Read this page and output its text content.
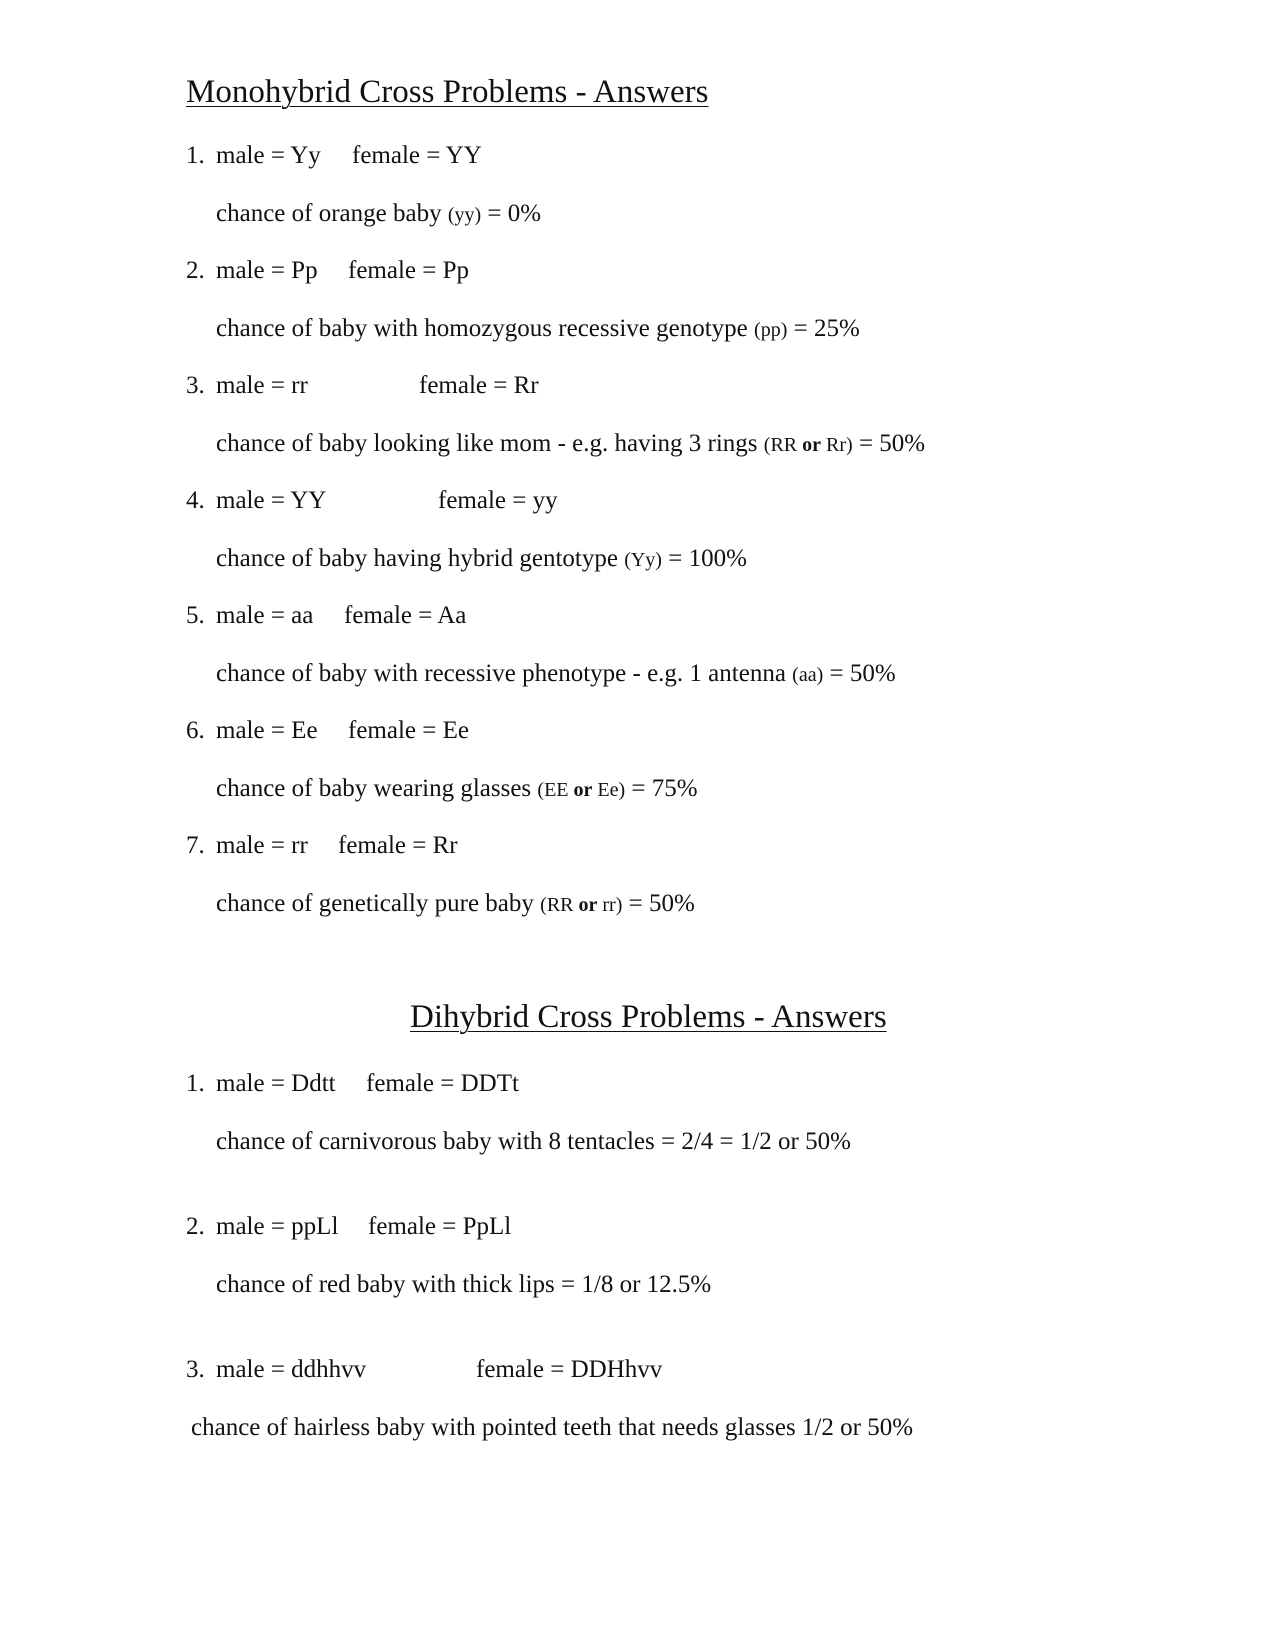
Monohybrid Cross Problems - Answers
1. male = Yy female = YY
chance of orange baby (yy) = 0%
2. male = Pp female = Pp
chance of baby with homozygous recessive genotype (pp) = 25%
3. male = rr	female = Rr
chance of baby looking like mom - e.g. having 3 rings (RR or Rr) = 50%
4. male = YY	female = yy
chance of baby having hybrid gentotype (Yy) = 100%
5. male = aa female = Aa
chance of baby with recessive phenotype - e.g. 1 antenna (aa) = 50%
6. male = Ee female = Ee
chance of baby wearing glasses (EE or Ee) = 75%
7. male = rr female = Rr
chance of genetically pure baby (RR or rr) = 50%
Dihybrid Cross Problems - Answers
1. male = Ddtt female = DDTt
chance of carnivorous baby with 8 tentacles = 2/4 = 1/2 or 50%
2. male = ppLl female = PpLl
chance of red baby with thick lips = 1/8 or 12.5%
3. male = ddhhvv	female = DDHhvv
chance of hairless baby with pointed teeth that needs glasses 1/2 or 50%
